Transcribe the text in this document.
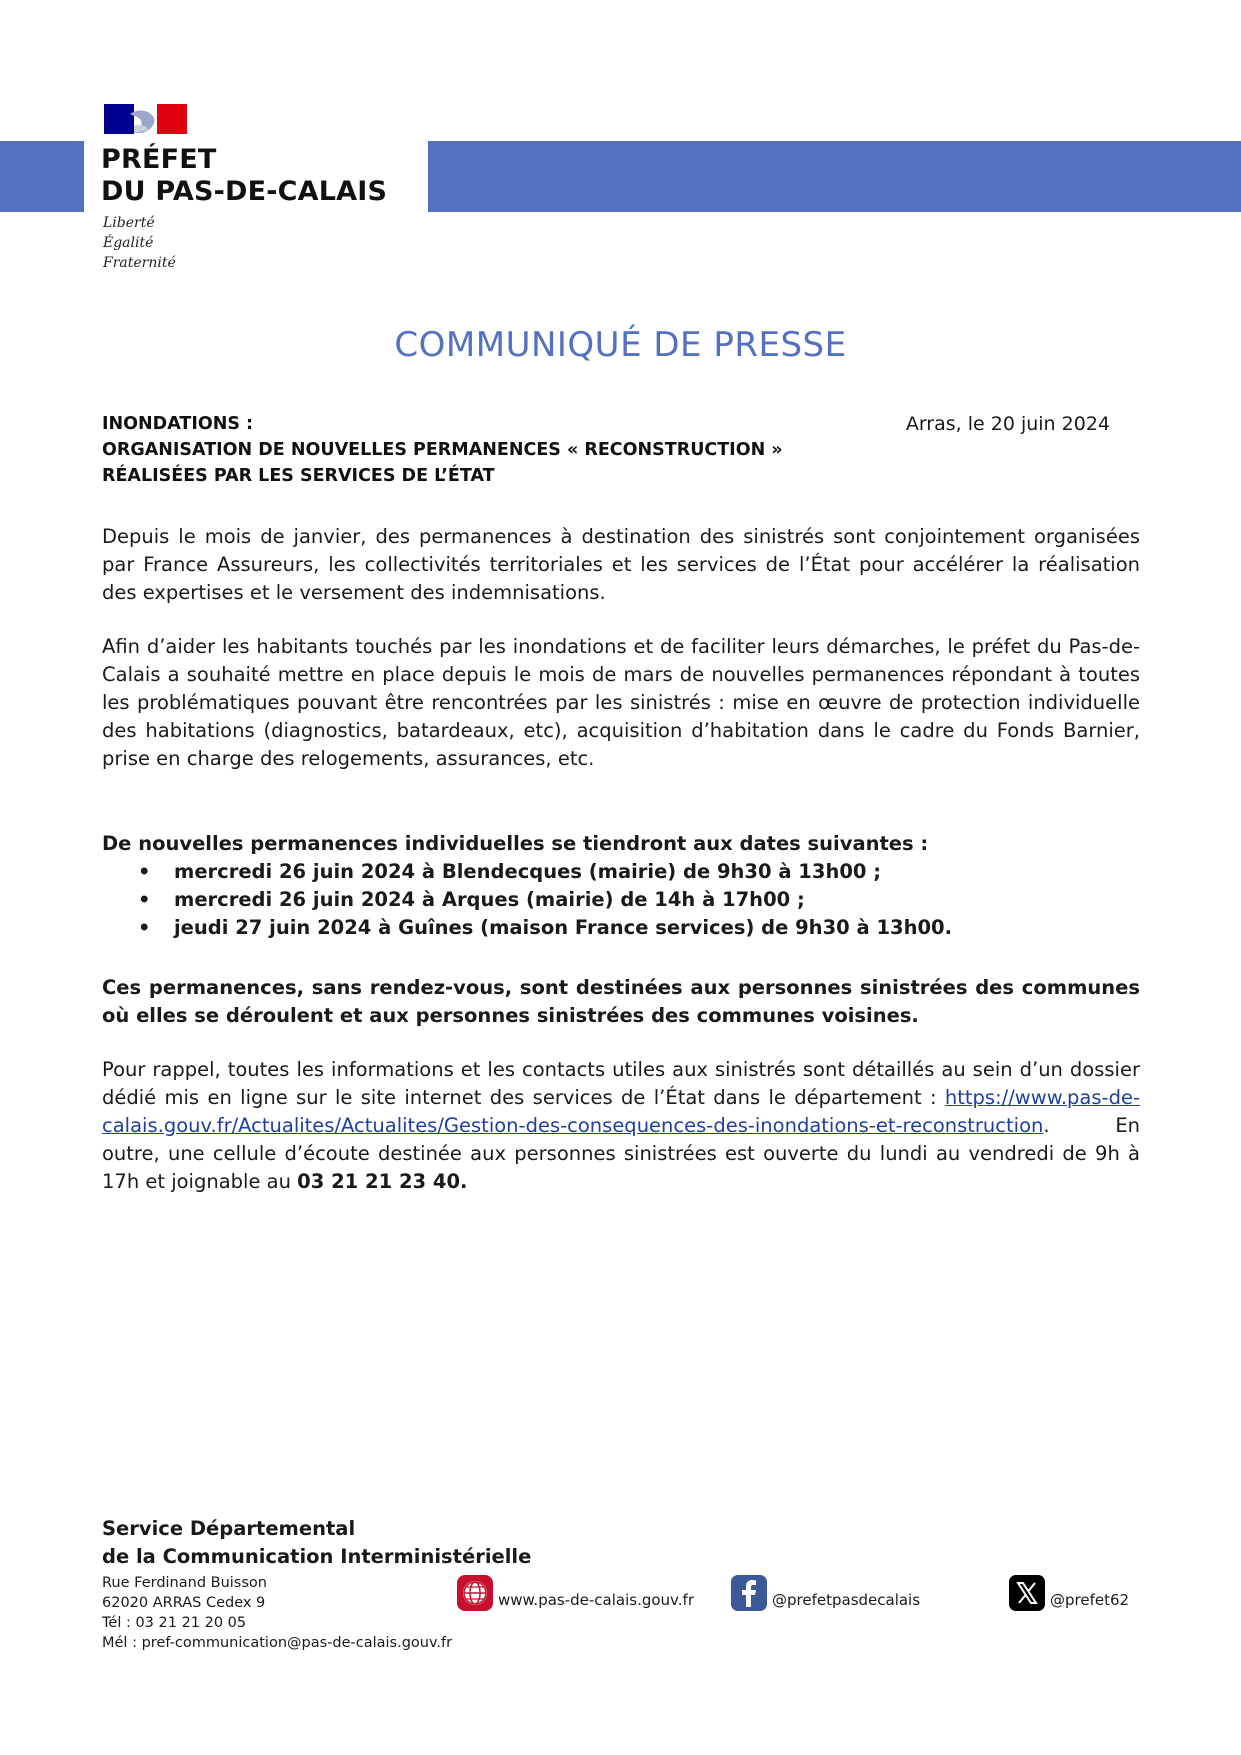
PRÉFET
DU PAS-DE-CALAIS

Liberté
Égalité
Fraternité

COMMUNIQUÉ DE PRESSE

INONDATIONS :
ORGANISATION DE NOUVELLES PERMANENCES « RECONSTRUCTION »
RÉALISÉES PAR LES SERVICES DE L’ÉTAT

Arras, le 20 juin 2024

Depuis le mois de janvier, des permanences à destination des sinistrés sont conjointement organisées par France Assureurs, les collectivités territoriales et les services de l’État pour accélérer la réalisation des expertises et le versement des indemnisations.

Afin d’aider les habitants touchés par les inondations et de faciliter leurs démarches, le préfet du Pas-de-Calais a souhaité mettre en place depuis le mois de mars de nouvelles permanences répondant à toutes les problématiques pouvant être rencontrées par les sinistrés : mise en œuvre de protection individuelle des habitations (diagnostics, batardeaux, etc), acquisition d’habitation dans le cadre du Fonds Barnier, prise en charge des relogements, assurances, etc.

De nouvelles permanences individuelles se tiendront aux dates suivantes :

• mercredi 26 juin 2024 à Blendecques (mairie) de 9h30 à 13h00 ;
• mercredi 26 juin 2024 à Arques (mairie) de 14h à 17h00 ;
• jeudi 27 juin 2024 à Guînes (maison France services) de 9h30 à 13h00.

Ces permanences, sans rendez-vous, sont destinées aux personnes sinistrées des communes où elles se déroulent et aux personnes sinistrées des communes voisines.

Pour rappel, toutes les informations et les contacts utiles aux sinistrés sont détaillés au sein d’un dossier dédié mis en ligne sur le site internet des services de l’État dans le département : https://www.pas-de-calais.gouv.fr/Actualites/Actualites/Gestion-des-consequences-des-inondations-et-reconstruction. En outre, une cellule d’écoute destinée aux personnes sinistrées est ouverte du lundi au vendredi de 9h à 17h et joignable au 03 21 21 23 40.

Service Départemental
de la Communication Interministérielle

Rue Ferdinand Buisson
62020 ARRAS Cedex 9
Tél : 03 21 21 20 05
Mél : pref-communication@pas-de-calais.gouv.fr

www.pas-de-calais.gouv.fr	@prefetpasdecalais	@prefet62
